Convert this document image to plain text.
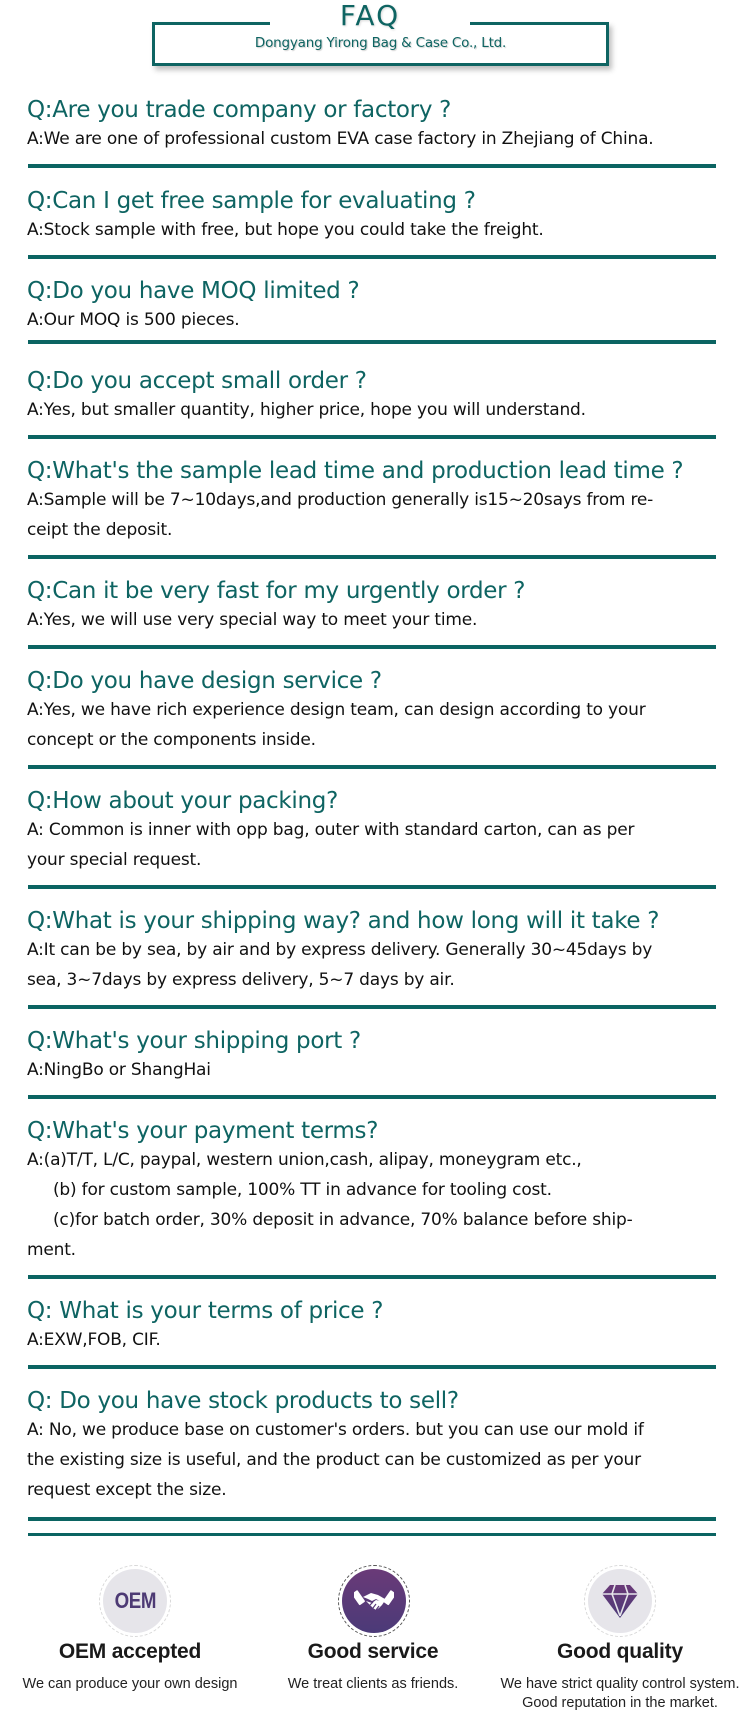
FAQ
Dongyang Yirong Bag & Case Co., Ltd.

Q:Are you trade company or factory ?

A:We are one of professional custom EVA case factory in Zhejiang of China.

Q:Can I get free sample for evaluating ?

A:Stock sample with free, but hope you could take the freight.

Q:Do you have MOQ limited ?

A:Our MOQ is 500 pieces.

Q:Do you accept small order ?

A:Yes, but smaller quantity, higher price, hope you will understand.

Q:What's the sample lead time and production lead time ?

A:Sample will be 7~10days,and production generally is15~20says from re-
ceipt the deposit.

Q:Can it be very fast for my urgently order ?

A:Yes, we will use very special way to meet your time.

Q:Do you have design service ?

A:Yes, we have rich experience design team, can design according to your
concept or the components inside.

Q:How about your packing?

A: Common is inner with opp bag, outer with standard carton, can as per
your special request.

Q:What is your shipping way? and how long will it take ?

A:It can be by sea, by air and by express delivery. Generally 30~45days by
sea, 3~7days by express delivery, 5~7 days by air.

Q:What's your shipping port ?

A:NingBo or ShangHai

Q:What's your payment terms?

A:(a)T/T, L/C, paypal, western union,cash, alipay, moneygram etc.,
(b) for custom sample, 100% TT in advance for tooling cost.
(c)for batch order, 30% deposit in advance, 70% balance before ship-
ment.

Q: What is your terms of price ?

A:EXW,FOB, CIF.

Q: Do you have stock products to sell?

A: No, we produce base on customer's orders. but you can use our mold if
the existing size is useful, and the product can be customized as per your
request except the size.

OEM
OEM accepted
We can produce your own design
Good service
We treat clients as friends.
Good quality
We have strict quality control system.
Good reputation in the market.
